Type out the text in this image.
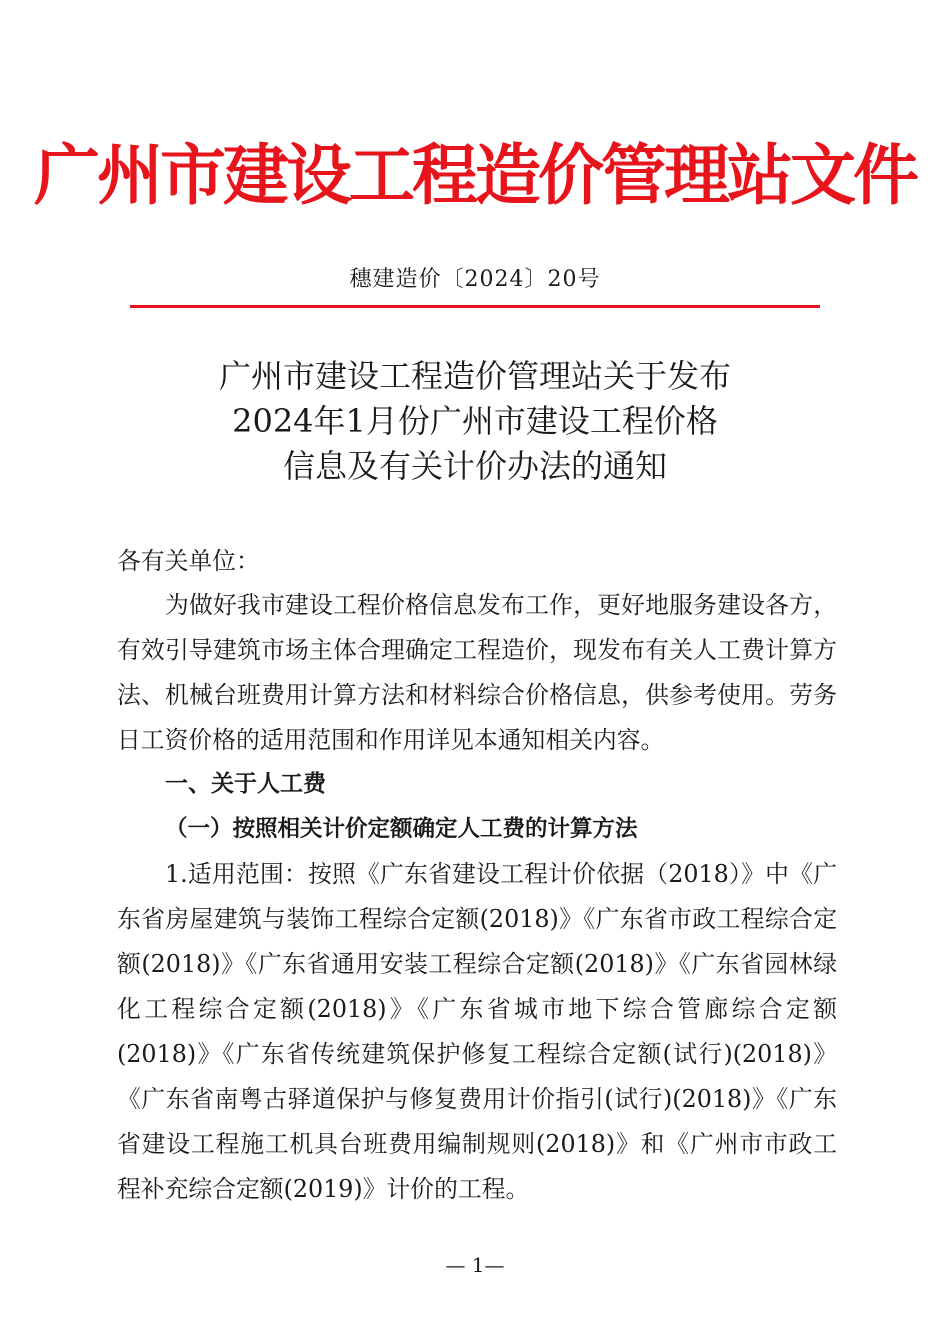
广州市建设工程造价管理站文件
穗建造价〔2024〕20号
广州市建设工程造价管理站关于发布
2024年1月份广州市建设工程价格
信息及有关计价办法的通知

各有关单位：

为做好我市建设工程价格信息发布工作，更好地服务建设各方，有效引导建筑市场主体合理确定工程造价，现发布有关人工费计算方法、机械台班费用计算方法和材料综合价格信息，供参考使用。劳务日工资价格的适用范围和作用详见本通知相关内容。

一、关于人工费
（一）按照相关计价定额确定人工费的计算方法

1.适用范围：按照《广东省建设工程计价依据（2018）》中《广东省房屋建筑与装饰工程综合定额(2018)》《广东省市政工程综合定额(2018)》《广东省通用安装工程综合定额(2018)》《广东省园林绿化工程综合定额(2018)》《广东省城市地下综合管廊综合定额(2018)》《广东省传统建筑保护修复工程综合定额(试行)(2018)》《广东省南粤古驿道保护与修复费用计价指引(试行)(2018)》《广东省建设工程施工机具台班费用编制规则(2018)》和《广州市市政工程补充综合定额(2019)》计价的工程。

— 1—
